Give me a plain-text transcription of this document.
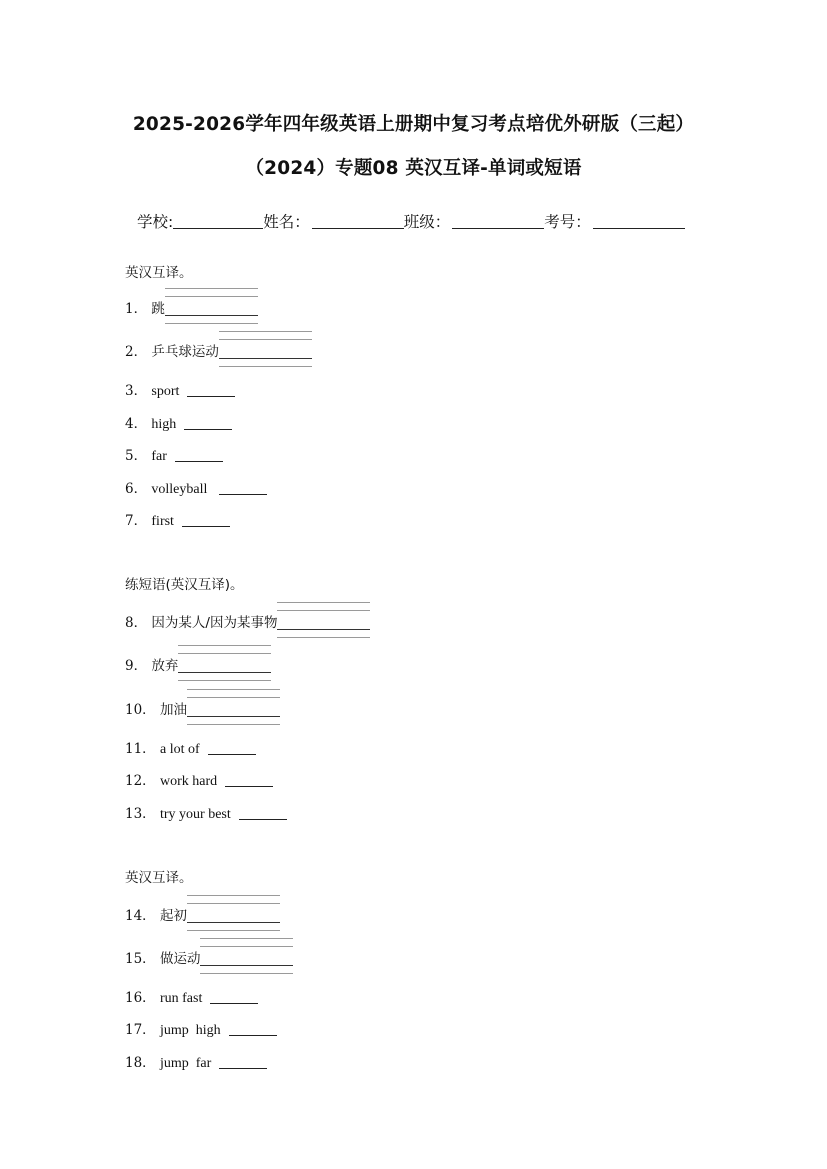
2025-2026学年四年级英语上册期中复习考点培优外研版（三起）
（2024）专题08 英汉互译-单词或短语
学校:	姓名：	班级：	考号：
英汉互译。
1． 跳
2． 乒乓球运动
3． sport
4． high
5． far
6． volleyball
7． first
练短语(英汉互译)。
8． 因为某人/因为某事物
9． 放弃
10． 加油
11． a lot of
12． work hard
13． try your best
英汉互译。
14． 起初
15． 做运动
16． run fast
17． jump  high
18． jump  far
